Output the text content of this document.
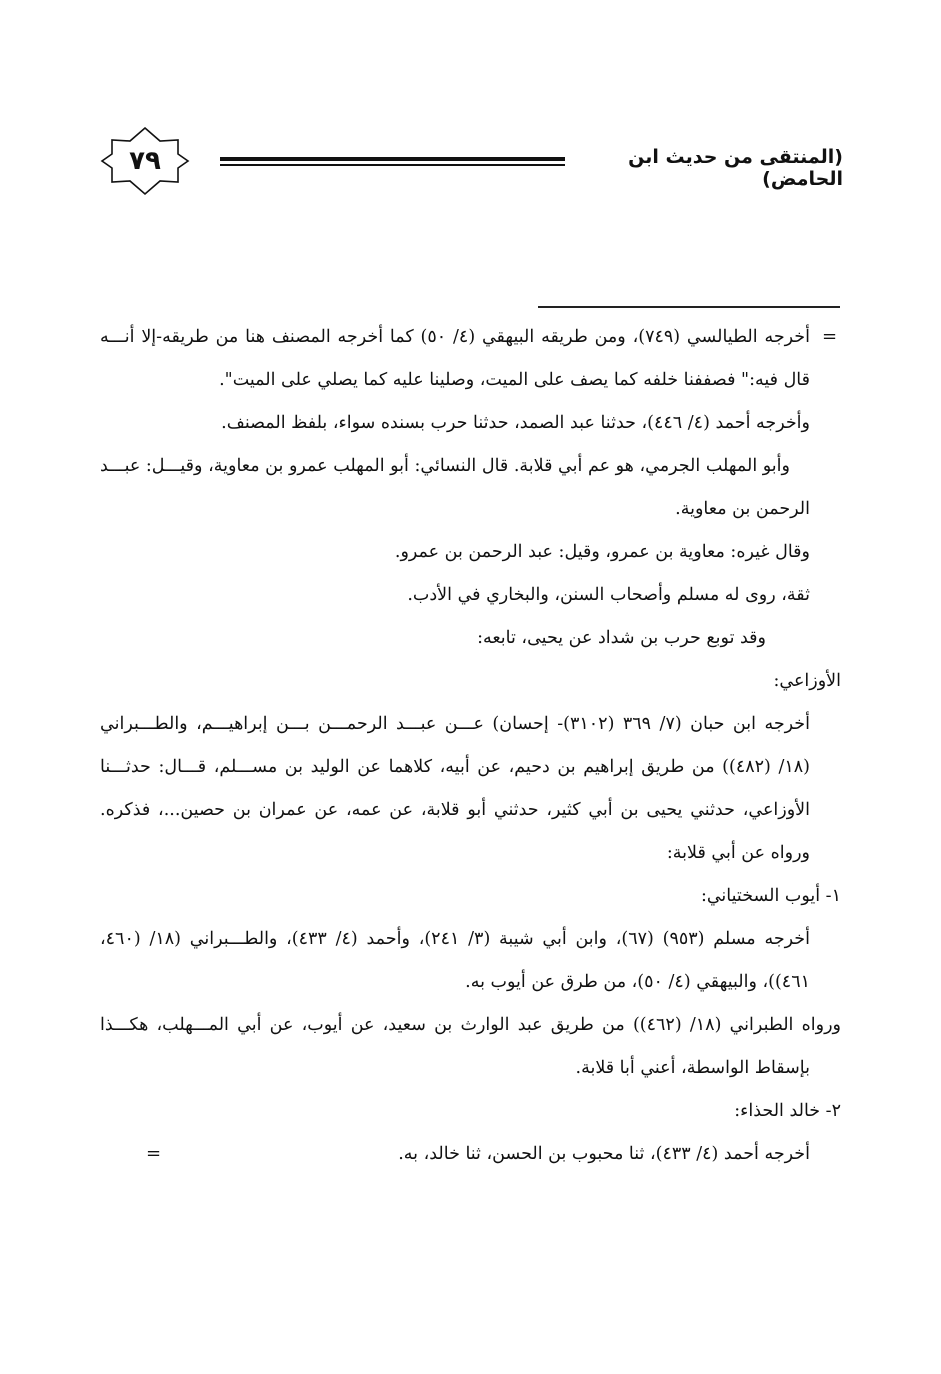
٧٩	(المنتقى من حديث ابن الحامض)
=
أخرجه الطيالسي (٧٤٩)، ومن طريقه البيهقي (٤/ ٥٠) كما أخرجه المصنف هنا من طريقه-إلا أنـــه
قال فيه:" فصففنا خلفه كما يصف على الميت، وصلينا عليه كما يصلي على الميت".
وأخرجه أحمد (٤/ ٤٤٦)، حدثنا عبد الصمد، حدثنا حرب بسنده سواء، بلفظ المصنف.
وأبو المهلب الجرمي، هو عم أبي قلابة. قال النسائي: أبو المهلب عمرو بن معاوية، وقيـــل: عبـــد
الرحمن بن معاوية.
وقال غيره: معاوية بن عمرو، وقيل: عبد الرحمن بن عمرو.
ثقة، روى له مسلم وأصحاب السنن، والبخاري في الأدب.
وقد توبع حرب بن شداد عن يحيى، تابعه:
الأوزاعي:
أخرجه ابن حبان (٧/ ٣٦٩ (٣١٠٢)- إحسان) عـــن عبـــد الرحمـــن بـــن إبراهيـــم، والطـــبراني
(١٨/ (٤٨٢)) من طريق إبراهيم بن دحيم، عن أبيه، كلاهما عن الوليد بن مســـلم، قـــال: حدثـــنا
الأوزاعي، حدثني يحيى بن أبي كثير، حدثني أبو قلابة، عن عمه، عن عمران بن حصين...، فذكره.
ورواه عن أبي قلابة:
١- أيوب السختياني:
أخرجه مسلم (٩٥٣) (٦٧)، وابن أبي شيبة (٣/ ٢٤١)، وأحمد (٤/ ٤٣٣)، والطـــبراني (١٨/ (٤٦٠،
٤٦١))، والبيهقي (٤/ ٥٠)، من طرق عن أيوب به.
ورواه الطبراني (١٨/ (٤٦٢)) من طريق عبد الوارث بن سعيد، عن أيوب، عن أبي المـــهلب، هكـــذا
بإسقاط الواسطة، أعني أبا قلابة.
٢- خالد الحذاء:
أخرجه أحمد (٤/ ٤٣٣)، ثنا محبوب بن الحسن، ثنا خالد، به.
=
